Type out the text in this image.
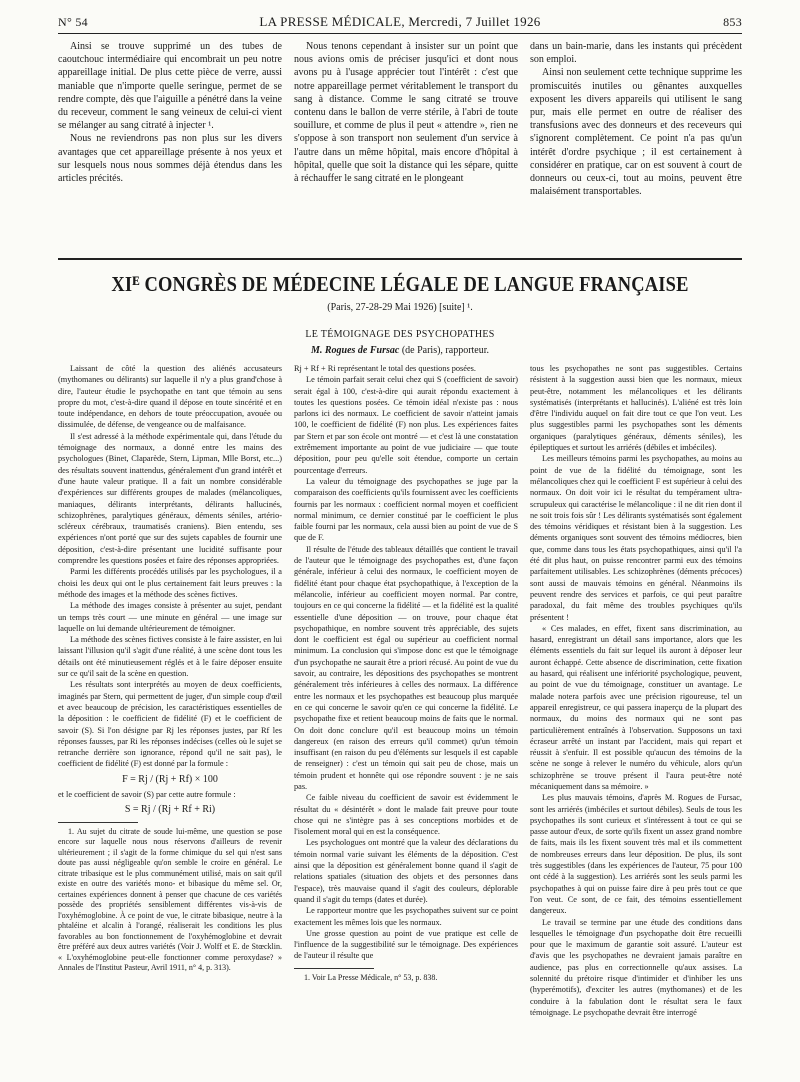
N° 54	LA PRESSE MÉDICALE, Mercredi, 7 Juillet 1926	853

Ainsi se trouve supprimé un des tubes de caoutchouc intermédiaire qui encombrait un peu notre appareillage initial. De plus cette pièce de verre, aussi maniable que n'importe quelle seringue, permet de se rendre compte, dès que l'aiguille a pénétré dans la veine du receveur, comment le sang veineux de celui-ci vient se mélanger au sang citraté à injecter ¹.

Nous ne reviendrons pas non plus sur les divers avantages que cet appareillage présente à nos yeux et sur lesquels nous nous sommes déjà étendus dans les articles précités.

Nous tenons cependant à insister sur un point que nous avions omis de préciser jusqu'ici et dont nous avons pu à l'usage apprécier tout l'intérêt : c'est que notre appareillage permet véritablement le transport du sang à distance. Comme le sang citraté se trouve contenu dans le ballon de verre stérile, à l'abri de toute souillure, et comme de plus il peut « attendre », rien ne s'oppose à son transport non seulement d'un service à l'autre dans un même hôpital, mais encore d'hôpital à hôpital, quelle que soit la distance qui les sépare, quitte à réchauffer le sang citraté en le plongeant

dans un bain-marie, dans les instants qui précèdent son emploi.

Ainsi non seulement cette technique supprime les promiscuités inutiles ou gênantes auxquelles exposent les divers appareils qui utilisent le sang pur, mais elle permet en outre de réaliser des transfusions avec des donneurs et des receveurs qui s'ignorent complètement. Ce point n'a pas qu'un intérêt d'ordre psychique ; il est certainement à considérer en pratique, car on est souvent à court de donneurs ou ceux-ci, tout au moins, peuvent être malaisément transportables.

XIᴱ CONGRÈS DE MÉDECINE LÉGALE DE LANGUE FRANÇAISE
(Paris, 27-28-29 Mai 1926) [suite] ¹.
LE TÉMOIGNAGE DES PSYCHOPATHES
M. Rogues de Fursac (de Paris), rapporteur.

Laissant de côté la question des aliénés accusateurs (mythomanes ou délirants) sur laquelle il n'y a plus grand'chose à dire, l'auteur étudie le psychopathe en tant que témoin au sens propre du mot, c'est-à-dire quand il dépose en toute sincérité et en toute indépendance, en dehors de toute préoccupation, avouée ou dissimulée, de défense, de vengeance ou de malfaisance.

Il s'est adressé à la méthode expérimentale qui, dans l'étude du témoignage des normaux, a donné entre les mains des psychologues (Binet, Claparède, Stern, Lipman, Mlle Borst, etc...) des résultats souvent inattendus, généralement d'un grand intérêt et d'une haute valeur pratique. Il a fait un nombre considérable d'expériences sur différents groupes de malades (mélancoliques, maniaques, délirants interprétants, délirants hallucinés, schizophrènes, paralytiques généraux, déments séniles, artério-scléreux cérébraux, traumatisés craniens). Bien entendu, ses expériences n'ont porté que sur des sujets capables de fournir une déposition, c'est-à-dire présentant une lucidité suffisante pour comprendre les questions posées et faire des réponses appropriées.

Parmi les différents procédés utilisés par les psychologues, il a choisi les deux qui ont le plus certainement fait leurs preuves : la méthode des images et la méthode des scènes fictives.

La méthode des images consiste à présenter au sujet, pendant un temps très court — une minute en général — une image sur laquelle on lui demande ultérieurement de témoigner.

La méthode des scènes fictives consiste à le faire assister, en lui laissant l'illusion qu'il s'agit d'une réalité, à une scène dont tous les détails ont été minutieusement réglés et à le faire déposer ensuite sur ce qu'il sait de la scène en question.

Les résultats sont interprétés au moyen de deux coefficients, imaginés par Stern, qui permettent de juger, d'un simple coup d'œil et avec beaucoup de précision, les caractéristiques essentielles de la déposition : le coefficient de fidélité (F) et le coefficient de savoir (S). Si l'on désigne par Rj les réponses justes, par Rf les réponses fausses, par Ri les réponses indécises (celles où le sujet se retranche derrière son ignorance, répond qu'il ne sait pas), le coefficient de fidélité (F) est donné par la formule :

F = Rj / (Rj + Rf) × 100

et le coefficient de savoir (S) par cette autre formule :

S = Rj / (Rj + Rf + Ri)

1. Au sujet du citrate de soude lui-même, une question se pose encore sur laquelle nous nous réservons d'ailleurs de revenir ultérieurement ; il s'agit de la forme chimique du sel qui n'est sans doute pas aussi négligeable qu'on semble le croire en général. Le citrate tribasique est le plus communément utilisé, mais on sait qu'il existe en outre des variétés mono- et bibasique du même sel. Or, certaines expériences donnent à penser que chacune de ces variétés possède des propriétés sensiblement différentes vis-à-vis de l'oxyhémoglobine. À ce point de vue, le citrate bibasique, neutre à la phtaléine et alcalin à l'orangé, réaliserait les conditions les plus favorables au bon fonctionnement de l'oxyhémoglobine et devrait être préféré aux deux autres variétés (Voir J. Wolff et E. de Stœcklin. « L'oxyhémoglobine peut-elle fonctionner comme peroxydase? » Annales de l'Institut Pasteur, Avril 1911, n° 4, p. 313).

Rj + Rf + Ri représentant le total des questions posées.

Le témoin parfait serait celui chez qui S (coefficient de savoir) serait égal à 100, c'est-à-dire qui aurait répondu exactement à toutes les questions posées. Ce témoin idéal n'existe pas : nous parlons ici des normaux. Le coefficient de savoir n'atteint jamais 100, le coefficient de fidélité (F) non plus. Les expériences faites par Stern et par son école ont montré — et c'est là une constatation extrêmement importante au point de vue judiciaire — que toute déposition, pour peu qu'elle soit étendue, comporte un certain pourcentage d'erreurs.

La valeur du témoignage des psychopathes se juge par la comparaison des coefficients qu'ils fournissent avec les coefficients fournis par les normaux : coefficient normal moyen et coefficient normal minimum, ce dernier constitué par le coefficient le plus faible fourni par les normaux, cela aussi bien au point de vue de S que de F.

Il résulte de l'étude des tableaux détaillés que contient le travail de l'auteur que le témoignage des psychopathes est, d'une façon générale, inférieur à celui des normaux, le coefficient moyen de fidélité étant pour chaque état psychopathique, à l'exception de la mélancolie, inférieur au coefficient moyen normal. Par contre, toujours en ce qui concerne la fidélité — et la fidélité est la qualité essentielle d'une déposition — on trouve, pour chaque état psychopathique, en nombre souvent très appréciable, des sujets dont le coefficient est égal ou supérieur au coefficient normal minimum. La conclusion qui s'impose donc est que le témoignage d'un psychopathe ne saurait être a priori récusé. Au point de vue du savoir, au contraire, les dépositions des psychopathes se montrent généralement très inférieures à celles des normaux. La différence entre les normaux et les psychopathes est beaucoup plus marquée en ce qui concerne le savoir qu'en ce qui concerne la fidélité. Le psychopathe fixe et retient beaucoup moins de faits que le normal. On doit donc conclure qu'il est beaucoup moins un témoin dangereux (en raison des erreurs qu'il commet) qu'un témoin insuffisant (en raison du peu d'éléments sur lesquels il est capable de renseigner) : c'est un témoin qui sait peu de chose, mais un témoin prudent et honnête qui ose répondre souvent : je ne sais pas.

Ce faible niveau du coefficient de savoir est évidemment le résultat du « désintérêt » dont le malade fait preuve pour toute chose qui ne s'intègre pas à ses conceptions morbides et de l'isolement moral qui en est la conséquence.

Les psychologues ont montré que la valeur des déclarations du témoin normal varie suivant les éléments de la déposition. C'est ainsi que la déposition est généralement bonne quand il s'agit de relations spatiales (situation des objets et des personnes dans l'espace), très mauvaise quand il s'agit des couleurs, déplorable quand il s'agit du temps (dates et durée).

Le rapporteur montre que les psychopathes suivent sur ce point exactement les mêmes lois que les normaux.

Une grosse question au point de vue pratique est celle de l'influence de la suggestibilité sur le témoignage. Des expériences de l'auteur il résulte que

1. Voir La Presse Médicale, n° 53, p. 838.

tous les psychopathes ne sont pas suggestibles. Certains résistent à la suggestion aussi bien que les normaux, mieux peut-être, notamment les mélancoliques et les délirants systématisés (interprétants et hallucinés). L'aliéné est très loin d'être l'individu auquel on fait dire tout ce que l'on veut. Les plus suggestibles parmi les psychopathes sont les déments organiques (paralytiques généraux, déments séniles), les épileptiques et surtout les arriérés (débiles et imbéciles).

Les meilleurs témoins parmi les psychopathes, au moins au point de vue de la fidélité du témoignage, sont les mélancoliques chez qui le coefficient F est supérieur à celui des normaux. On doit voir ici le résultat du tempérament ultra-scrupuleux qui caractérise le mélancolique : il ne dit rien dont il ne soit trois fois sûr ! Les délirants systématisés sont également des témoins véridiques et résistant bien à la suggestion. Les déments organiques sont souvent des témoins médiocres, bien que, comme dans tous les états psychopathiques, ainsi qu'il l'a été dit plus haut, on puisse rencontrer parmi eux des témoins parfaitement utilisables. Les schizophrènes (déments précoces) sont aussi de mauvais témoins en général. Néanmoins ils peuvent rendre des services et parfois, ce qui peut paraître paradoxal, du fait même des troubles psychiques qu'ils présentent !

« Ces malades, en effet, fixent sans discrimination, au hasard, enregistrant un détail sans importance, alors que les éléments essentiels du fait sur lequel ils auront à déposer leur auront échappé. Cette absence de discrimination, cette fixation au hasard, qui réalisent une infériorité psychologique, peuvent, au point de vue du témoignage, constituer un avantage. Le malade notera parfois avec une précision rigoureuse, tel un appareil enregistreur, ce qui passera inaperçu de la plupart des normaux, du moins des normaux qui ne sont pas particulièrement entraînés à l'observation. Supposons un taxi écraseur arrêté un instant par l'accident, mais qui repart et réussit à s'enfuir. Il est possible qu'aucun des témoins de la scène ne songe à relever le numéro du véhicule, alors qu'un schizophrène se trouve présent il l'aura peut-être noté mécaniquement dans sa mémoire. »

Les plus mauvais témoins, d'après M. Rogues de Fursac, sont les arriérés (imbéciles et surtout débiles). Seuls de tous les psychopathes ils sont curieux et s'intéressent à tout ce qui se passe autour d'eux, de sorte qu'ils fixent un assez grand nombre de faits, mais ils les fixent souvent très mal et ils commettent de nombreuses erreurs dans leur déposition. De plus, ils sont très suggestibles (dans les expériences de l'auteur, 75 pour 100 ont cédé à la suggestion). Les arriérés sont les seuls parmi les psychopathes à qui on puisse faire dire à peu près tout ce que l'on veut. Ce sont, de ce fait, des témoins essentiellement dangereux.

Le travail se termine par une étude des conditions dans lesquelles le témoignage d'un psychopathe doit être recueilli pour que le maximum de garantie soit assuré. L'auteur est d'avis que les psychopathes ne devraient jamais paraître en audience, pas plus en correctionnelle qu'aux assises. La solennité du prétoire risque d'intimider et d'inhiber les uns (hyperémotifs), d'exciter les autres (mythomanes) et de les conduire à la fabulation dont le résultat sera le faux témoignage. Le psychopathe devrait être interrogé
